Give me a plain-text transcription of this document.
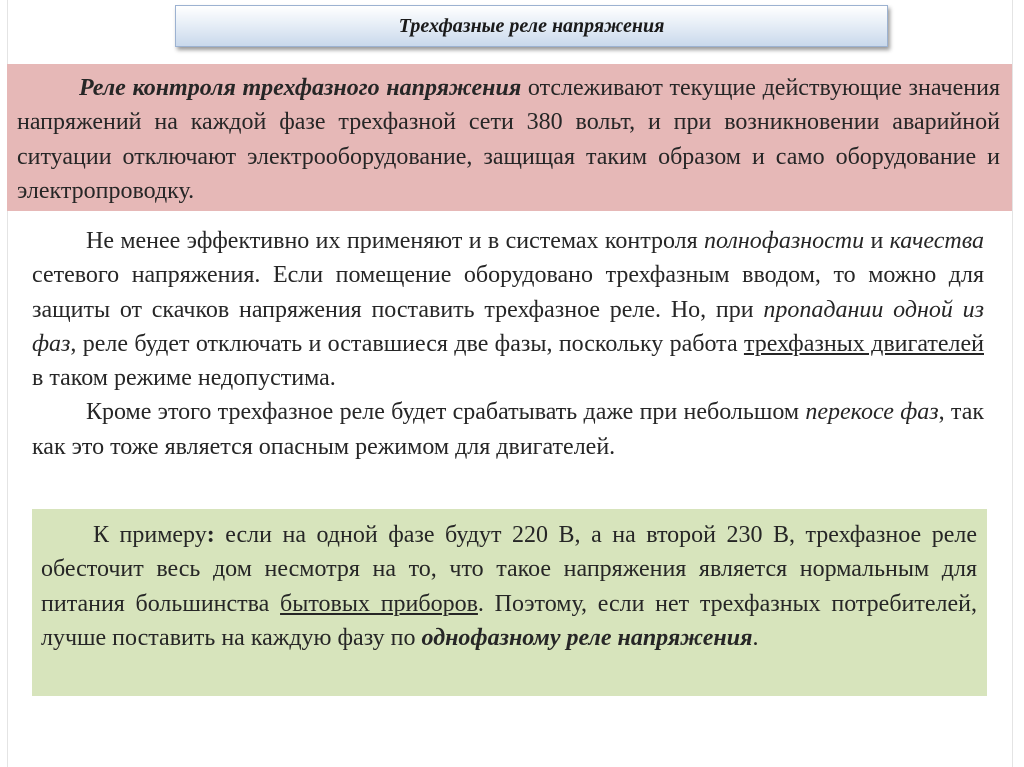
Трехфазные реле напряжения

Реле контроля трехфазного напряжения отслеживают текущие действующие значения напряжений на каждой фазе трехфазной сети 380 вольт, и при возникновении аварийной ситуации отключают электрооборудование, защищая таким образом и само оборудование и электропроводку.

Не менее эффективно их применяют и в системах контроля полнофазности и качества сетевого напряжения. Если помещение оборудовано трехфазным вводом, то можно для защиты от скачков напряжения поставить трехфазное реле. Но, при пропадании одной из фаз, реле будет отключать и оставшиеся две фазы, поскольку работа трехфазных двигателей в таком режиме недопустима.

Кроме этого трехфазное реле будет срабатывать даже при небольшом перекосе фаз, так как это тоже является опасным режимом для двигателей.

К примеру: если на одной фазе будут 220 В, а на второй 230 В, трехфазное реле обесточит весь дом несмотря на то, что такое напряжения является нормальным для питания большинства бытовых приборов. Поэтому, если нет трехфазных потребителей, лучше поставить на каждую фазу по однофазному реле напряжения.
